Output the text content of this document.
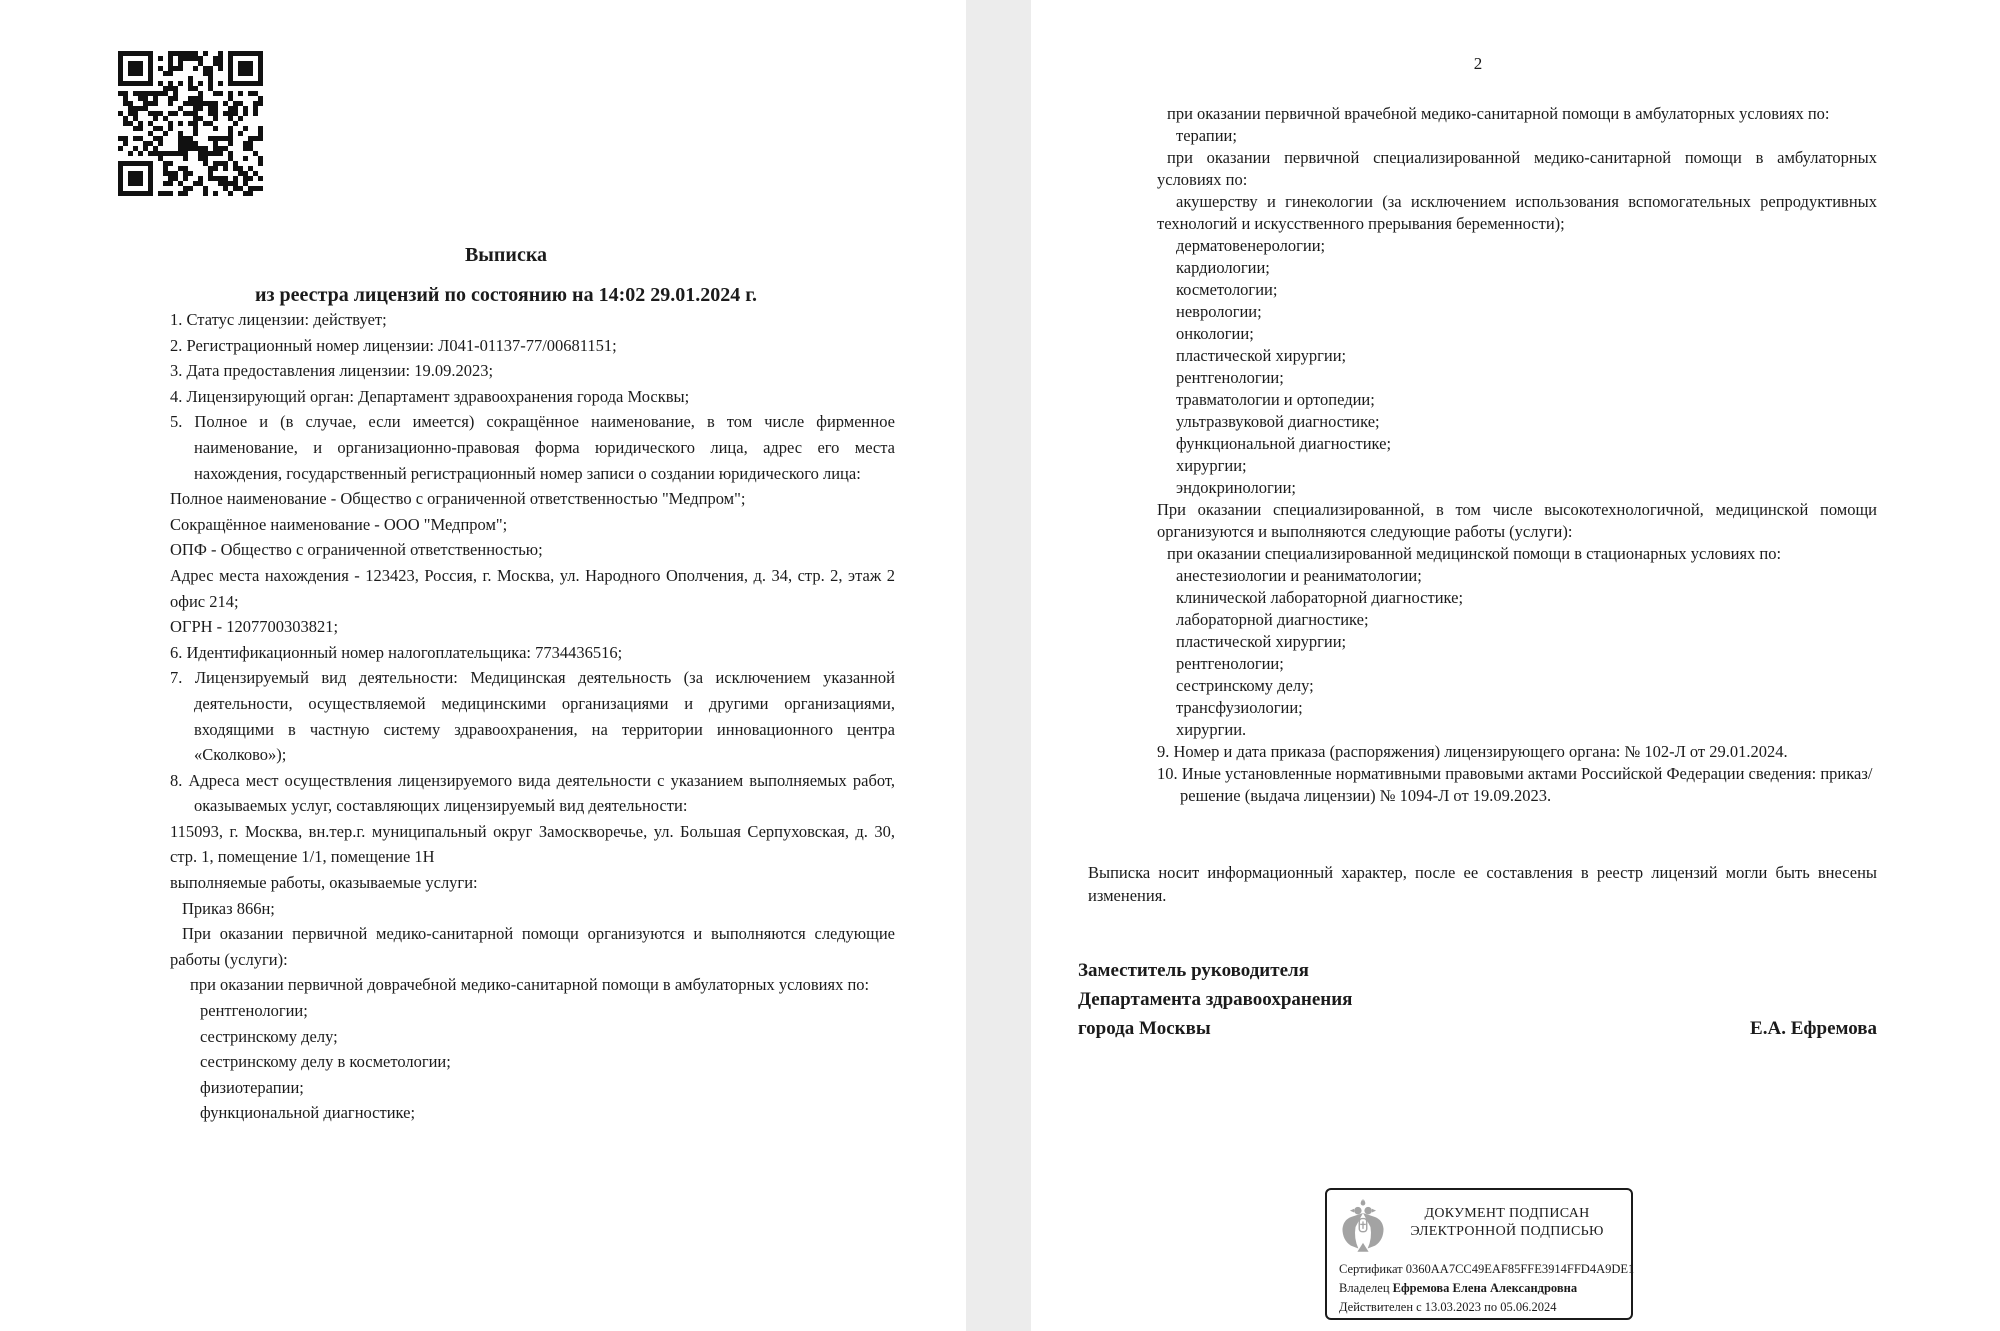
Выписка
из реестра лицензий по состоянию на 14:02 29.01.2024 г.

1. Статус лицензии: действует;

2. Регистрационный номер лицензии: Л041-01137-77/00681151;

3. Дата предоставления лицензии: 19.09.2023;

4. Лицензирующий орган: Департамент здравоохранения города Москвы;

5. Полное и (в случае, если имеется) сокращённое наименование, в том числе фирменное наименование, и организационно-правовая форма юридического лица, адрес его места нахождения, государственный регистрационный номер записи о создании юридического лица:

Полное наименование - Общество с ограниченной ответственностью "Медпром";

Сокращённое наименование - ООО "Медпром";

ОПФ - Общество с ограниченной ответственностью;

Адрес места нахождения - 123423, Россия, г. Москва, ул. Народного Ополчения, д. 34, стр. 2, этаж 2 офис 214;

ОГРН - 1207700303821;

6. Идентификационный номер налогоплательщика: 7734436516;

7. Лицензируемый вид деятельности: Медицинская деятельность (за исключением указанной деятельности, осуществляемой медицинскими организациями и другими организациями, входящими в частную систему здравоохранения, на территории инновационного центра «Сколково»);

8. Адреса мест осуществления лицензируемого вида деятельности с указанием выполняемых работ, оказываемых услуг, составляющих лицензируемый вид деятельности:

115093, г. Москва, вн.тер.г. муниципальный округ Замоскворечье, ул. Большая Серпуховская, д. 30, стр. 1, помещение 1/1, помещение 1Н

выполняемые работы, оказываемые услуги:

Приказ 866н;

При оказании первичной медико-санитарной помощи организуются и выполняются следующие работы (услуги):

при оказании первичной доврачебной медико-санитарной помощи в амбулаторных условиях по:

рентгенологии;

сестринскому делу;

сестринскому делу в косметологии;

физиотерапии;

функциональной диагностике;

2

при оказании первичной врачебной медико-санитарной помощи в амбулаторных условиях по:

терапии;

при оказании первичной специализированной медико-санитарной помощи в амбулаторных условиях по:

акушерству и гинекологии (за исключением использования вспомогательных репродуктивных технологий и искусственного прерывания беременности);

дерматовенерологии;

кардиологии;

косметологии;

неврологии;

онкологии;

пластической хирургии;

рентгенологии;

травматологии и ортопедии;

ультразвуковой диагностике;

функциональной диагностике;

хирургии;

эндокринологии;

При оказании специализированной, в том числе высокотехнологичной, медицинской помощи организуются и выполняются следующие работы (услуги):

при оказании специализированной медицинской помощи в стационарных условиях по:

анестезиологии и реаниматологии;

клинической лабораторной диагностике;

лабораторной диагностике;

пластической хирургии;

рентгенологии;

сестринскому делу;

трансфузиологии;

хирургии.

9. Номер и дата приказа (распоряжения) лицензирующего органа: № 102-Л от 29.01.2024.

10. Иные установленные нормативными правовыми актами Российской Федерации сведения: приказ/решение (выдача лицензии) № 1094-Л от 19.09.2023.

Выписка носит информационный характер, после ее составления в реестр лицензий могли быть внесены изменения.

Заместитель руководителя

Департамента здравоохранения

города Москвы	Е.А. Ефремова
ДОКУМЕНТ ПОДПИСАН
ЭЛЕКТРОННОЙ ПОДПИСЬЮ
Сертификат 0360AA7CC49EAF85FFE3914FFD4A9DE1
Владелец Ефремова Елена Александровна
Действителен с 13.03.2023 по 05.06.2024
